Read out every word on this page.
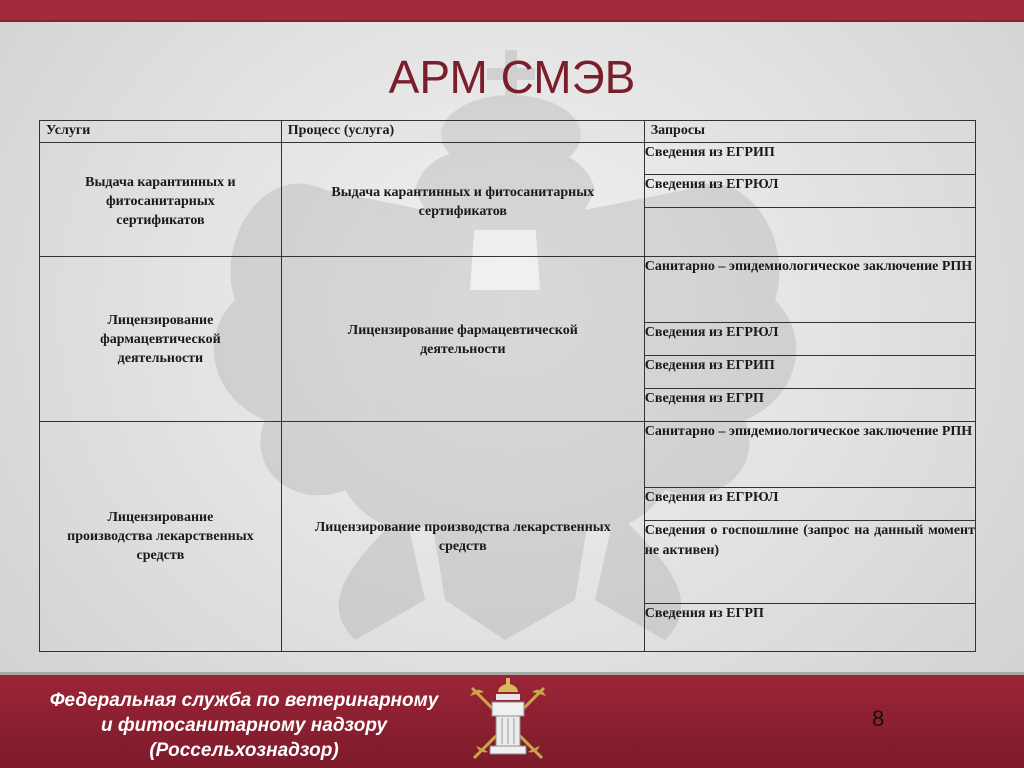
АРМ СМЭВ
Услуги	Процесс (услуга)	Запросы
Выдача карантинных и фитосанитарных сертификатов	Выдача карантинных и фитосанитарных сертификатов	Сведения из ЕГРИП
		Сведения из ЕГРЮЛ

Лицензирование фармацевтической деятельности	Лицензирование фармацевтической деятельности	Санитарно – эпидемиологическое заключение РПН
		Сведения из ЕГРЮЛ
		Сведения из ЕГРИП
		Сведения из ЕГРП
Лицензирование производства лекарственных средств	Лицензирование производства лекарственных средств	Санитарно – эпидемиологическое заключение РПН
		Сведения из ЕГРЮЛ
		Сведения о госпошлине (запрос на данный момент не активен)
		Сведения из ЕГРП
Федеральная служба по ветеринарному
и фитосанитарному надзору
(Россельхознадзор)
8
